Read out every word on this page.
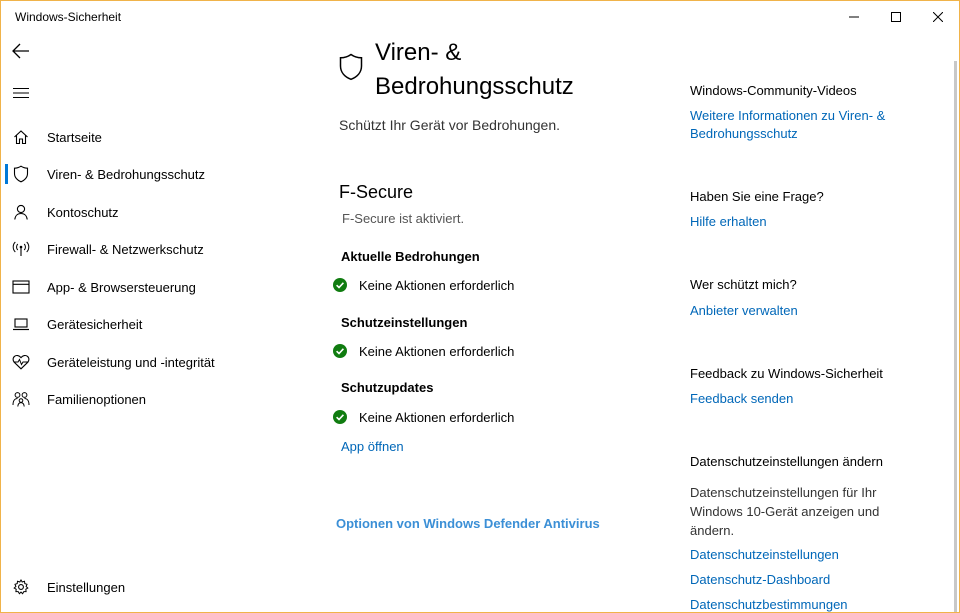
Windows-Sicherheit
Startseite
Viren- & Bedrohungsschutz
Kontoschutz
Firewall- & Netzwerkschutz
App- & Browsersteuerung
Gerätesicherheit
Geräteleistung und -integrität
Familienoptionen
Einstellungen
Viren- & Bedrohungsschutz
Schützt Ihr Gerät vor Bedrohungen.
F-Secure
F-Secure ist aktiviert.
Aktuelle Bedrohungen
Keine Aktionen erforderlich
Schutzeinstellungen
Keine Aktionen erforderlich
Schutzupdates
Keine Aktionen erforderlich
App öffnen
Optionen von Windows Defender Antivirus
Windows-Community-Videos
Weitere Informationen zu Viren- & Bedrohungsschutz
Haben Sie eine Frage?
Hilfe erhalten
Wer schützt mich?
Anbieter verwalten
Feedback zu Windows-Sicherheit
Feedback senden
Datenschutzeinstellungen ändern
Datenschutzeinstellungen für Ihr Windows 10-Gerät anzeigen und ändern.
Datenschutzeinstellungen
Datenschutz-Dashboard
Datenschutzbestimmungen
